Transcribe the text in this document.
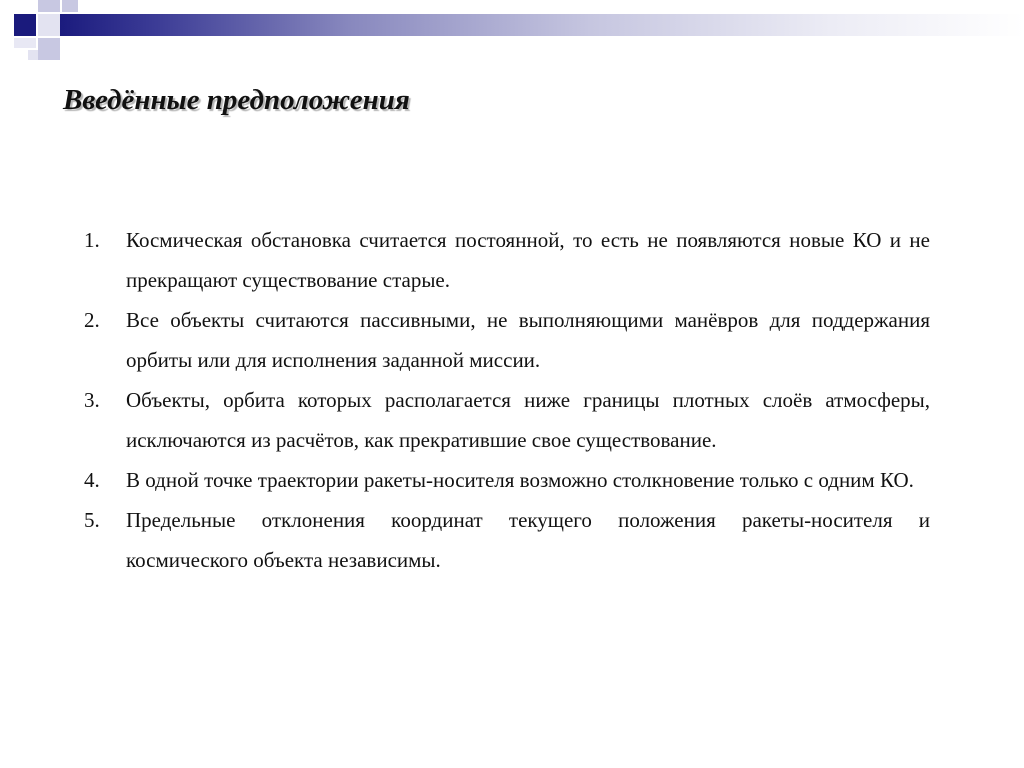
Введённые предположения
1.	Космическая обстановка считается постоянной, то есть не появляются новые КО и не прекращают существование старые.
2.	Все объекты считаются пассивными, не выполняющими манёвров для поддержания орбиты или для исполнения заданной миссии.
3.	Объекты, орбита которых располагается ниже границы плотных слоёв атмосферы, исключаются из расчётов, как прекратившие свое существование.
4.	В одной точке траектории ракеты-носителя возможно столкновение только с одним КО.
5.	Предельные отклонения координат текущего положения ракеты-носителя и космического объекта независимы.
